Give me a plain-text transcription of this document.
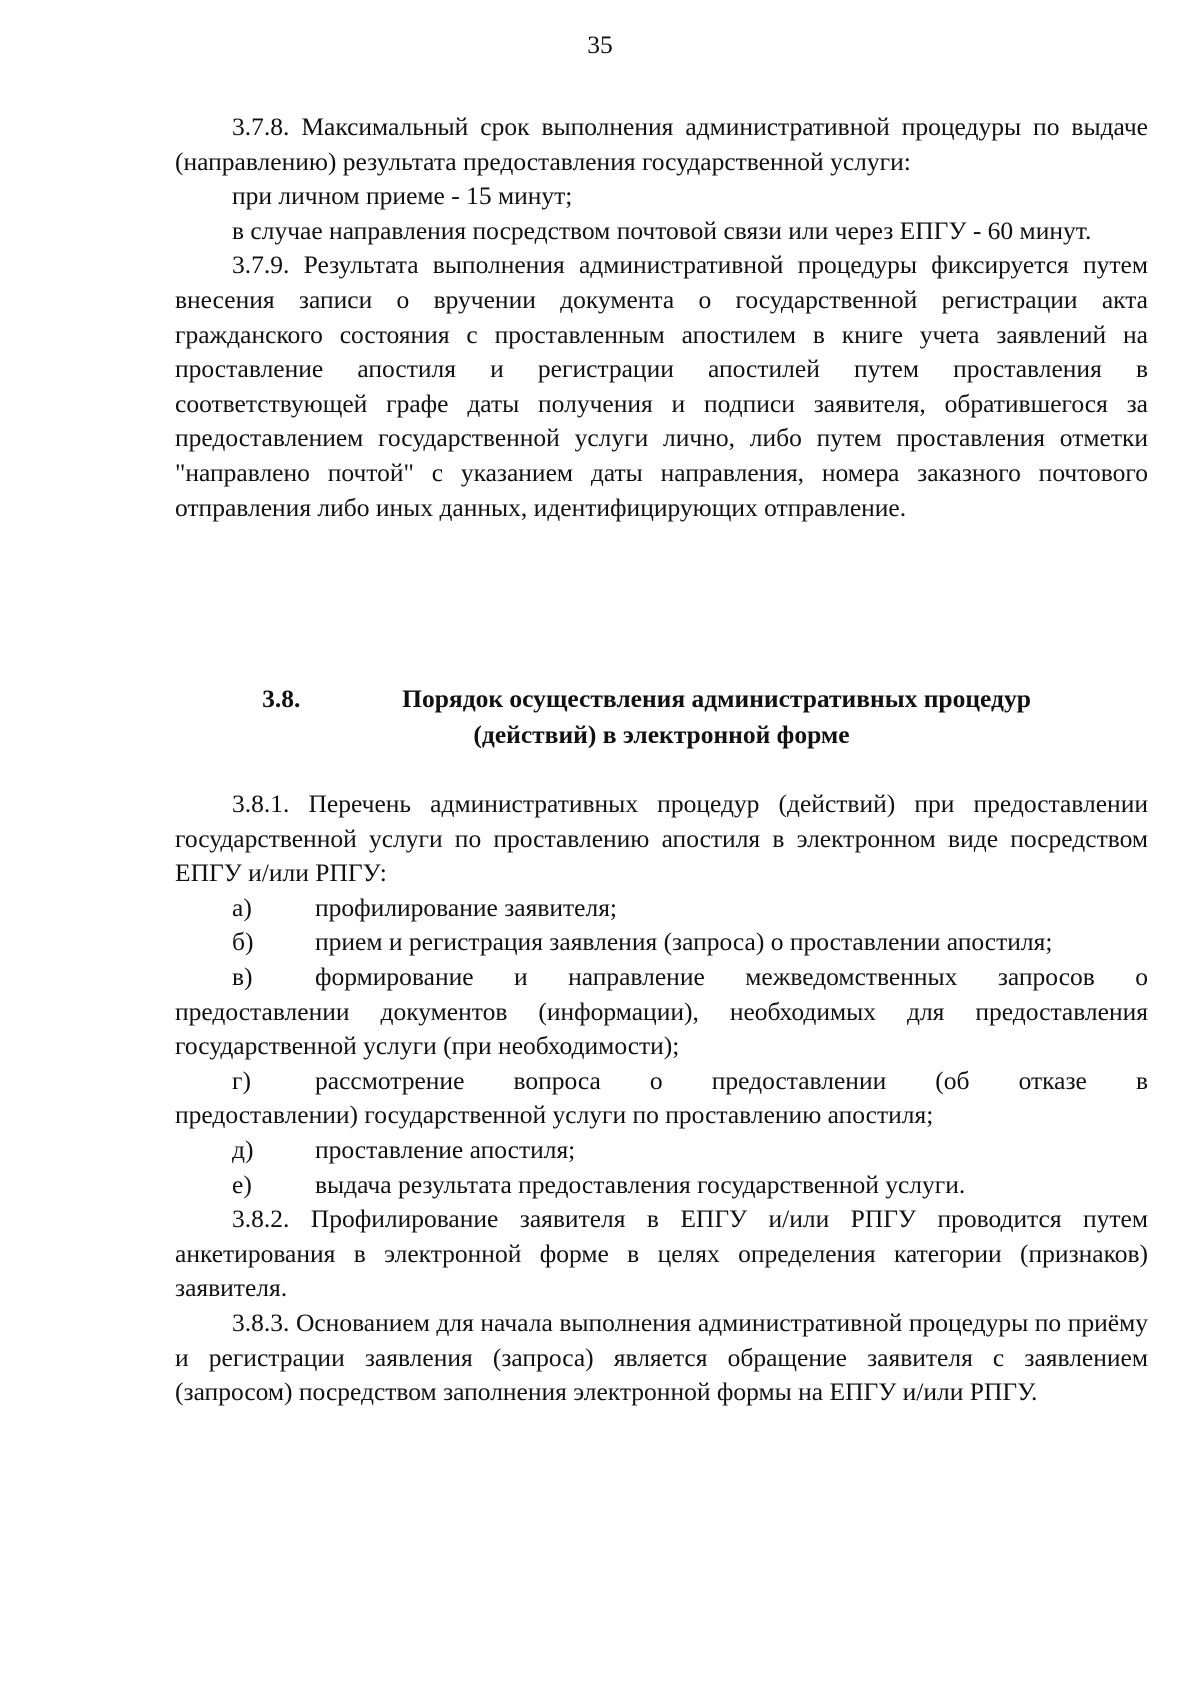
35

3.7.8. Максимальный срок выполнения административной процедуры по выдаче (направлению) результата предоставления государственной услуги:

при личном приеме - 15 минут;

в случае направления посредством почтовой связи или через ЕПГУ - 60 минут.

3.7.9. Результата выполнения административной процедуры фиксируется путем внесения записи о вручении документа о государственной регистрации акта гражданского состояния с проставленным апостилем в книге учета заявлений на проставление апостиля и регистрации апостилей путем проставления в соответствующей графе даты получения и подписи заявителя, обратившегося за предоставлением государственной услуги лично, либо путем проставления отметки "направлено почтой" с указанием даты направления, номера заказного почтового отправления либо иных данных, идентифицирующих отправление.

3.8.	Порядок осуществления административных процедур

(действий) в электронной форме

3.8.1. Перечень административных процедур (действий) при предоставлении государственной услуги по проставлению апостиля в электронном виде посредством ЕПГУ и/или РПГУ:

а)	профилирование заявителя;
б)	прием и регистрация заявления (запроса) о проставлении апостиля;
в)	формирование и направление межведомственных запросов о

предоставлении документов (информации), необходимых для предоставления государственной услуги (при необходимости);

г)	рассмотрение вопроса о предоставлении (об отказе в

предоставлении) государственной услуги по проставлению апостиля;

д)	проставление апостиля;
е)	выдача результата предоставления государственной услуги.

3.8.2. Профилирование заявителя в ЕПГУ и/или РПГУ проводится путем анкетирования в электронной форме в целях определения категории (признаков) заявителя.

3.8.3. Основанием для начала выполнения административной процедуры по приёму и регистрации заявления (запроса) является обращение заявителя с заявлением (запросом) посредством заполнения электронной формы на ЕПГУ и/или РПГУ.
